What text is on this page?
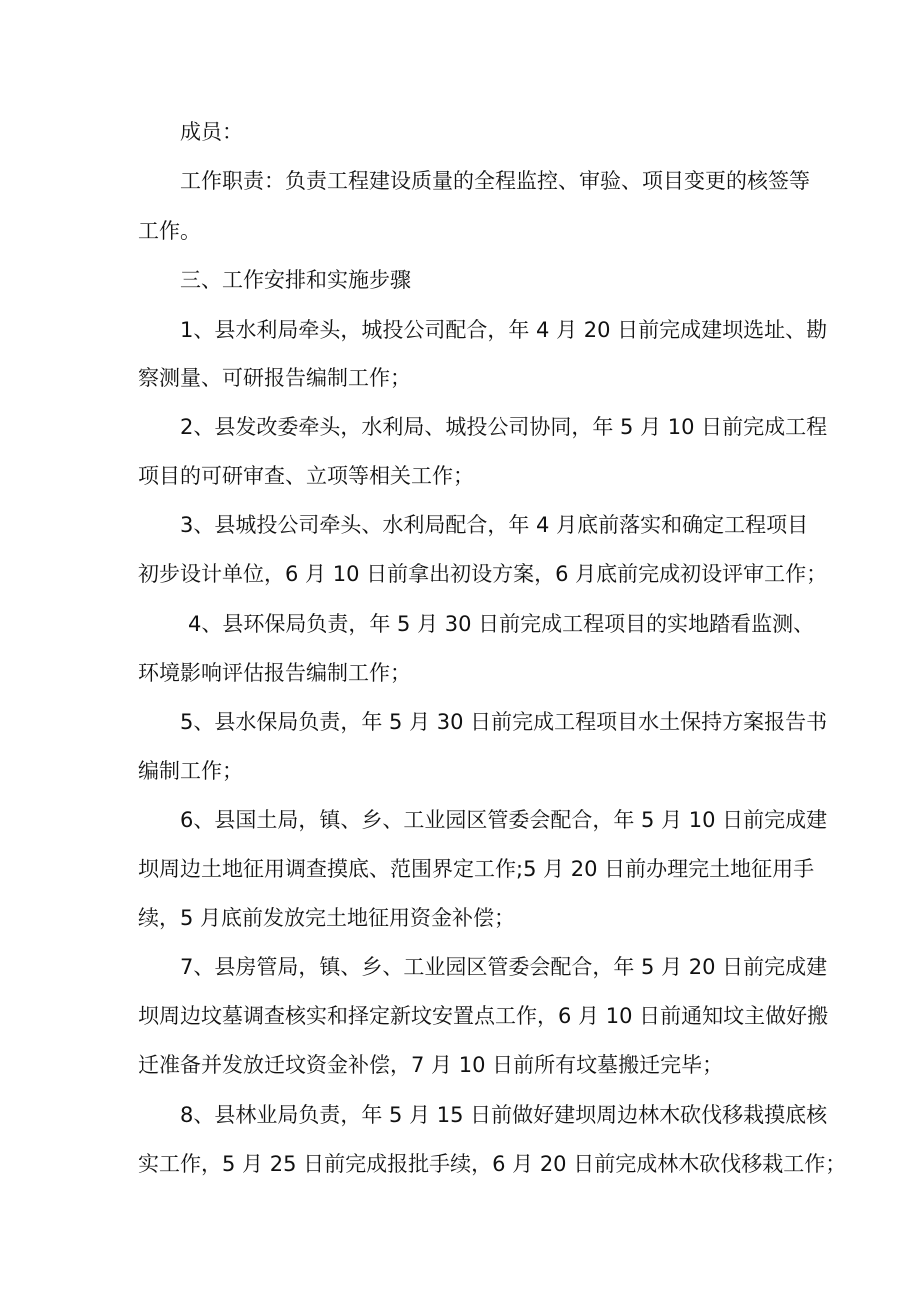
成员：
工作职责：负责工程建设质量的全程监控、审验、项目变更的核签等
工作。
三、工作安排和实施步骤
1、县水利局牵头，城投公司配合，年 4 月 20 日前完成建坝选址、勘
察测量、可研报告编制工作；
2、县发改委牵头，水利局、城投公司协同，年 5 月 10 日前完成工程
项目的可研审查、立项等相关工作；
3、县城投公司牵头、水利局配合，年 4 月底前落实和确定工程项目
初步设计单位，6 月 10 日前拿出初设方案，6 月底前完成初设评审工作；
4、县环保局负责，年 5 月 30 日前完成工程项目的实地踏看监测、
环境影响评估报告编制工作；
5、县水保局负责，年 5 月 30 日前完成工程项目水土保持方案报告书
编制工作；
6、县国土局，镇、乡、工业园区管委会配合，年 5 月 10 日前完成建
坝周边土地征用调查摸底、范围界定工作;5 月 20 日前办理完土地征用手
续，5 月底前发放完土地征用资金补偿；
7、县房管局，镇、乡、工业园区管委会配合，年 5 月 20 日前完成建
坝周边坟墓调查核实和择定新坟安置点工作，6 月 10 日前通知坟主做好搬
迁准备并发放迁坟资金补偿，7 月 10 日前所有坟墓搬迁完毕；
8、县林业局负责，年 5 月 15 日前做好建坝周边林木砍伐移栽摸底核
实工作，5 月 25 日前完成报批手续，6 月 20 日前完成林木砍伐移栽工作；
